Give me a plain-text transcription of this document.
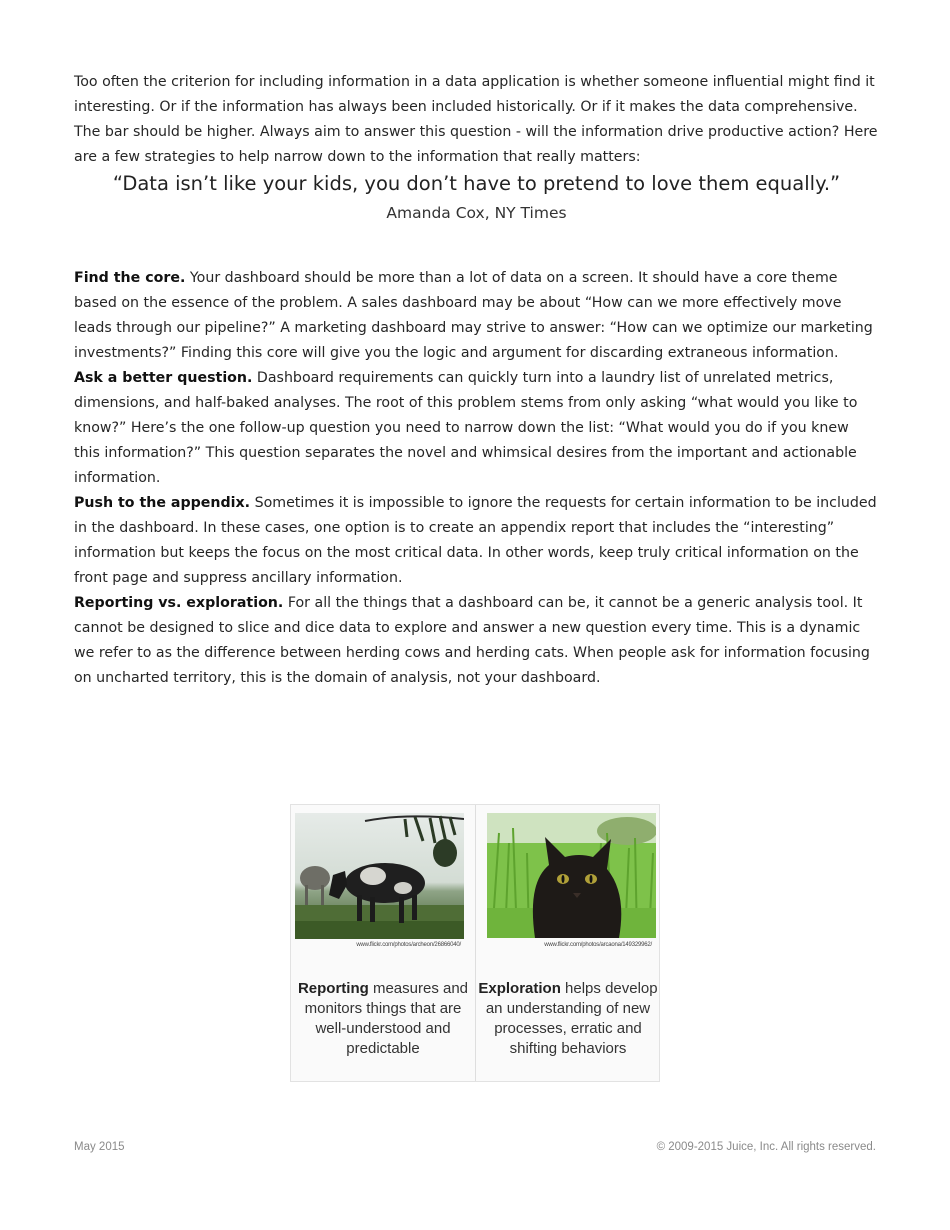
Too often the criterion for including information in a data application is whether someone influential might find it interesting. Or if the information has always been included historically. Or if it makes the data comprehensive. The bar should be higher. Always aim to answer this question - will the information drive productive action? Here are a few strategies to help narrow down to the information that really matters:

“Data isn’t like your kids, you don’t have to pretend to love them equally.”
Amanda Cox, NY Times

Find the core. Your dashboard should be more than a lot of data on a screen. It should have a core theme based on the essence of the problem. A sales dashboard may be about “How can we more effectively move leads through our pipeline?” A marketing dashboard may strive to answer: “How can we optimize our marketing investments?” Finding this core will give you the logic and argument for discarding extraneous information.

Ask a better question. Dashboard requirements can quickly turn into a laundry list of unrelated metrics, dimensions, and half-baked analyses. The root of this problem stems from only asking “what would you like to know?” Here’s the one follow-up question you need to narrow down the list: “What would you do if you knew this information?” This question separates the novel and whimsical desires from the important and actionable information.

Push to the appendix. Sometimes it is impossible to ignore the requests for certain information to be included in the dashboard. In these cases, one option is to create an appendix report that includes the “interesting” information but keeps the focus on the most critical data. In other words, keep truly critical information on the front page and suppress ancillary information.

Reporting vs. exploration. For all the things that a dashboard can be, it cannot be a generic analysis tool. It cannot be designed to slice and dice data to explore and answer a new question every time. This is a dynamic we refer to as the difference between herding cows and herding cats. When people ask for information focusing on uncharted territory, this is the domain of analysis, not your dashboard.

www.flickr.com/photos/archeon/26866040/
Reporting measures and monitors things that are well-understood and predictable
www.flickr.com/photos/arcaona/149329962/
Exploration helps develop an understanding of new processes, erratic and shifting behaviors
May 2015	© 2009-2015 Juice, Inc. All rights reserved.
